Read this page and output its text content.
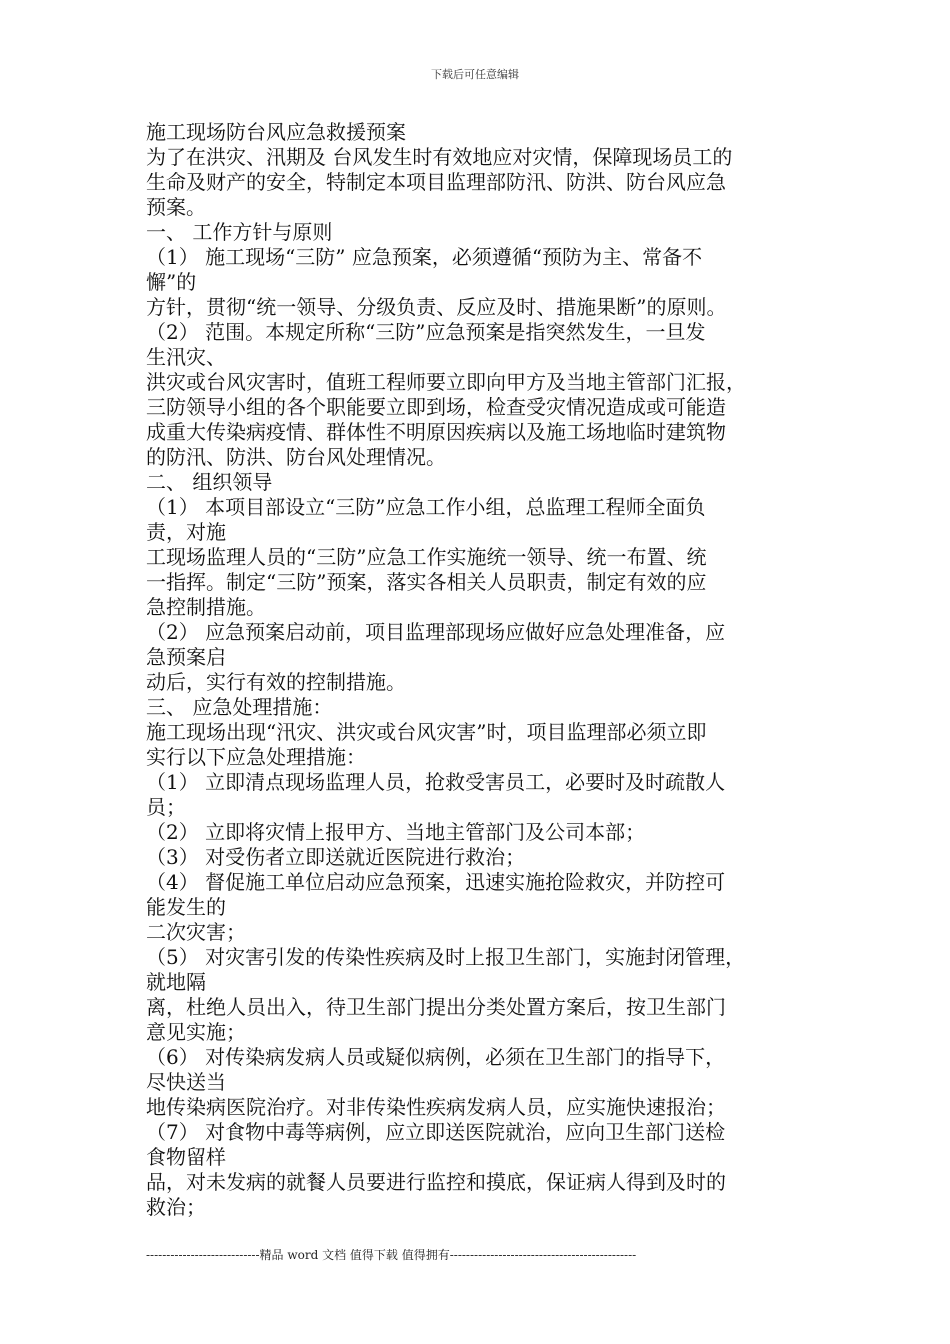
下载后可任意编辑

施工现场防台风应急救援预案

为了在洪灾、汛期及 台风发生时有效地应对灾情，保障现场员工的

生命及财产的安全，特制定本项目监理部防汛、防洪、防台风应急

预案。

一、 工作方针与原则

（1） 施工现场“三防” 应急预案，必须遵循“预防为主、常备不

懈”的

方针，贯彻“统一领导、分级负责、反应及时、措施果断”的原则。

（2） 范围。本规定所称“三防”应急预案是指突然发生，一旦发

生汛灾、

洪灾或台风灾害时，值班工程师要立即向甲方及当地主管部门汇报，

三防领导小组的各个职能要立即到场，检查受灾情况造成或可能造

成重大传染病疫情、群体性不明原因疾病以及施工场地临时建筑物

的防汛、防洪、防台风处理情况。

二、 组织领导

（1） 本项目部设立“三防”应急工作小组，总监理工程师全面负

责，对施

工现场监理人员的“三防”应急工作实施统一领导、统一布置、统

一指挥。制定“三防”预案，落实各相关人员职责，制定有效的应

急控制措施。

（2） 应急预案启动前，项目监理部现场应做好应急处理准备，应

急预案启

动后，实行有效的控制措施。

三、 应急处理措施：

施工现场出现“汛灾、洪灾或台风灾害”时，项目监理部必须立即

实行以下应急处理措施：

（1） 立即清点现场监理人员，抢救受害员工，必要时及时疏散人

员；

（2） 立即将灾情上报甲方、当地主管部门及公司本部；

（3） 对受伤者立即送就近医院进行救治；

（4） 督促施工单位启动应急预案，迅速实施抢险救灾，并防控可

能发生的

二次灾害；

（5） 对灾害引发的传染性疾病及时上报卫生部门，实施封闭管理，

就地隔

离，杜绝人员出入，待卫生部门提出分类处置方案后，按卫生部门

意见实施；

（6） 对传染病发病人员或疑似病例，必须在卫生部门的指导下，

尽快送当

地传染病医院治疗。对非传染性疾病发病人员，应实施快速报治；

（7） 对食物中毒等病例，应立即送医院就治，应向卫生部门送检

食物留样

品，对未发病的就餐人员要进行监控和摸底，保证病人得到及时的

救治；

----------------------------精品 word 文档 值得下载 值得拥有----------------------------------------------
